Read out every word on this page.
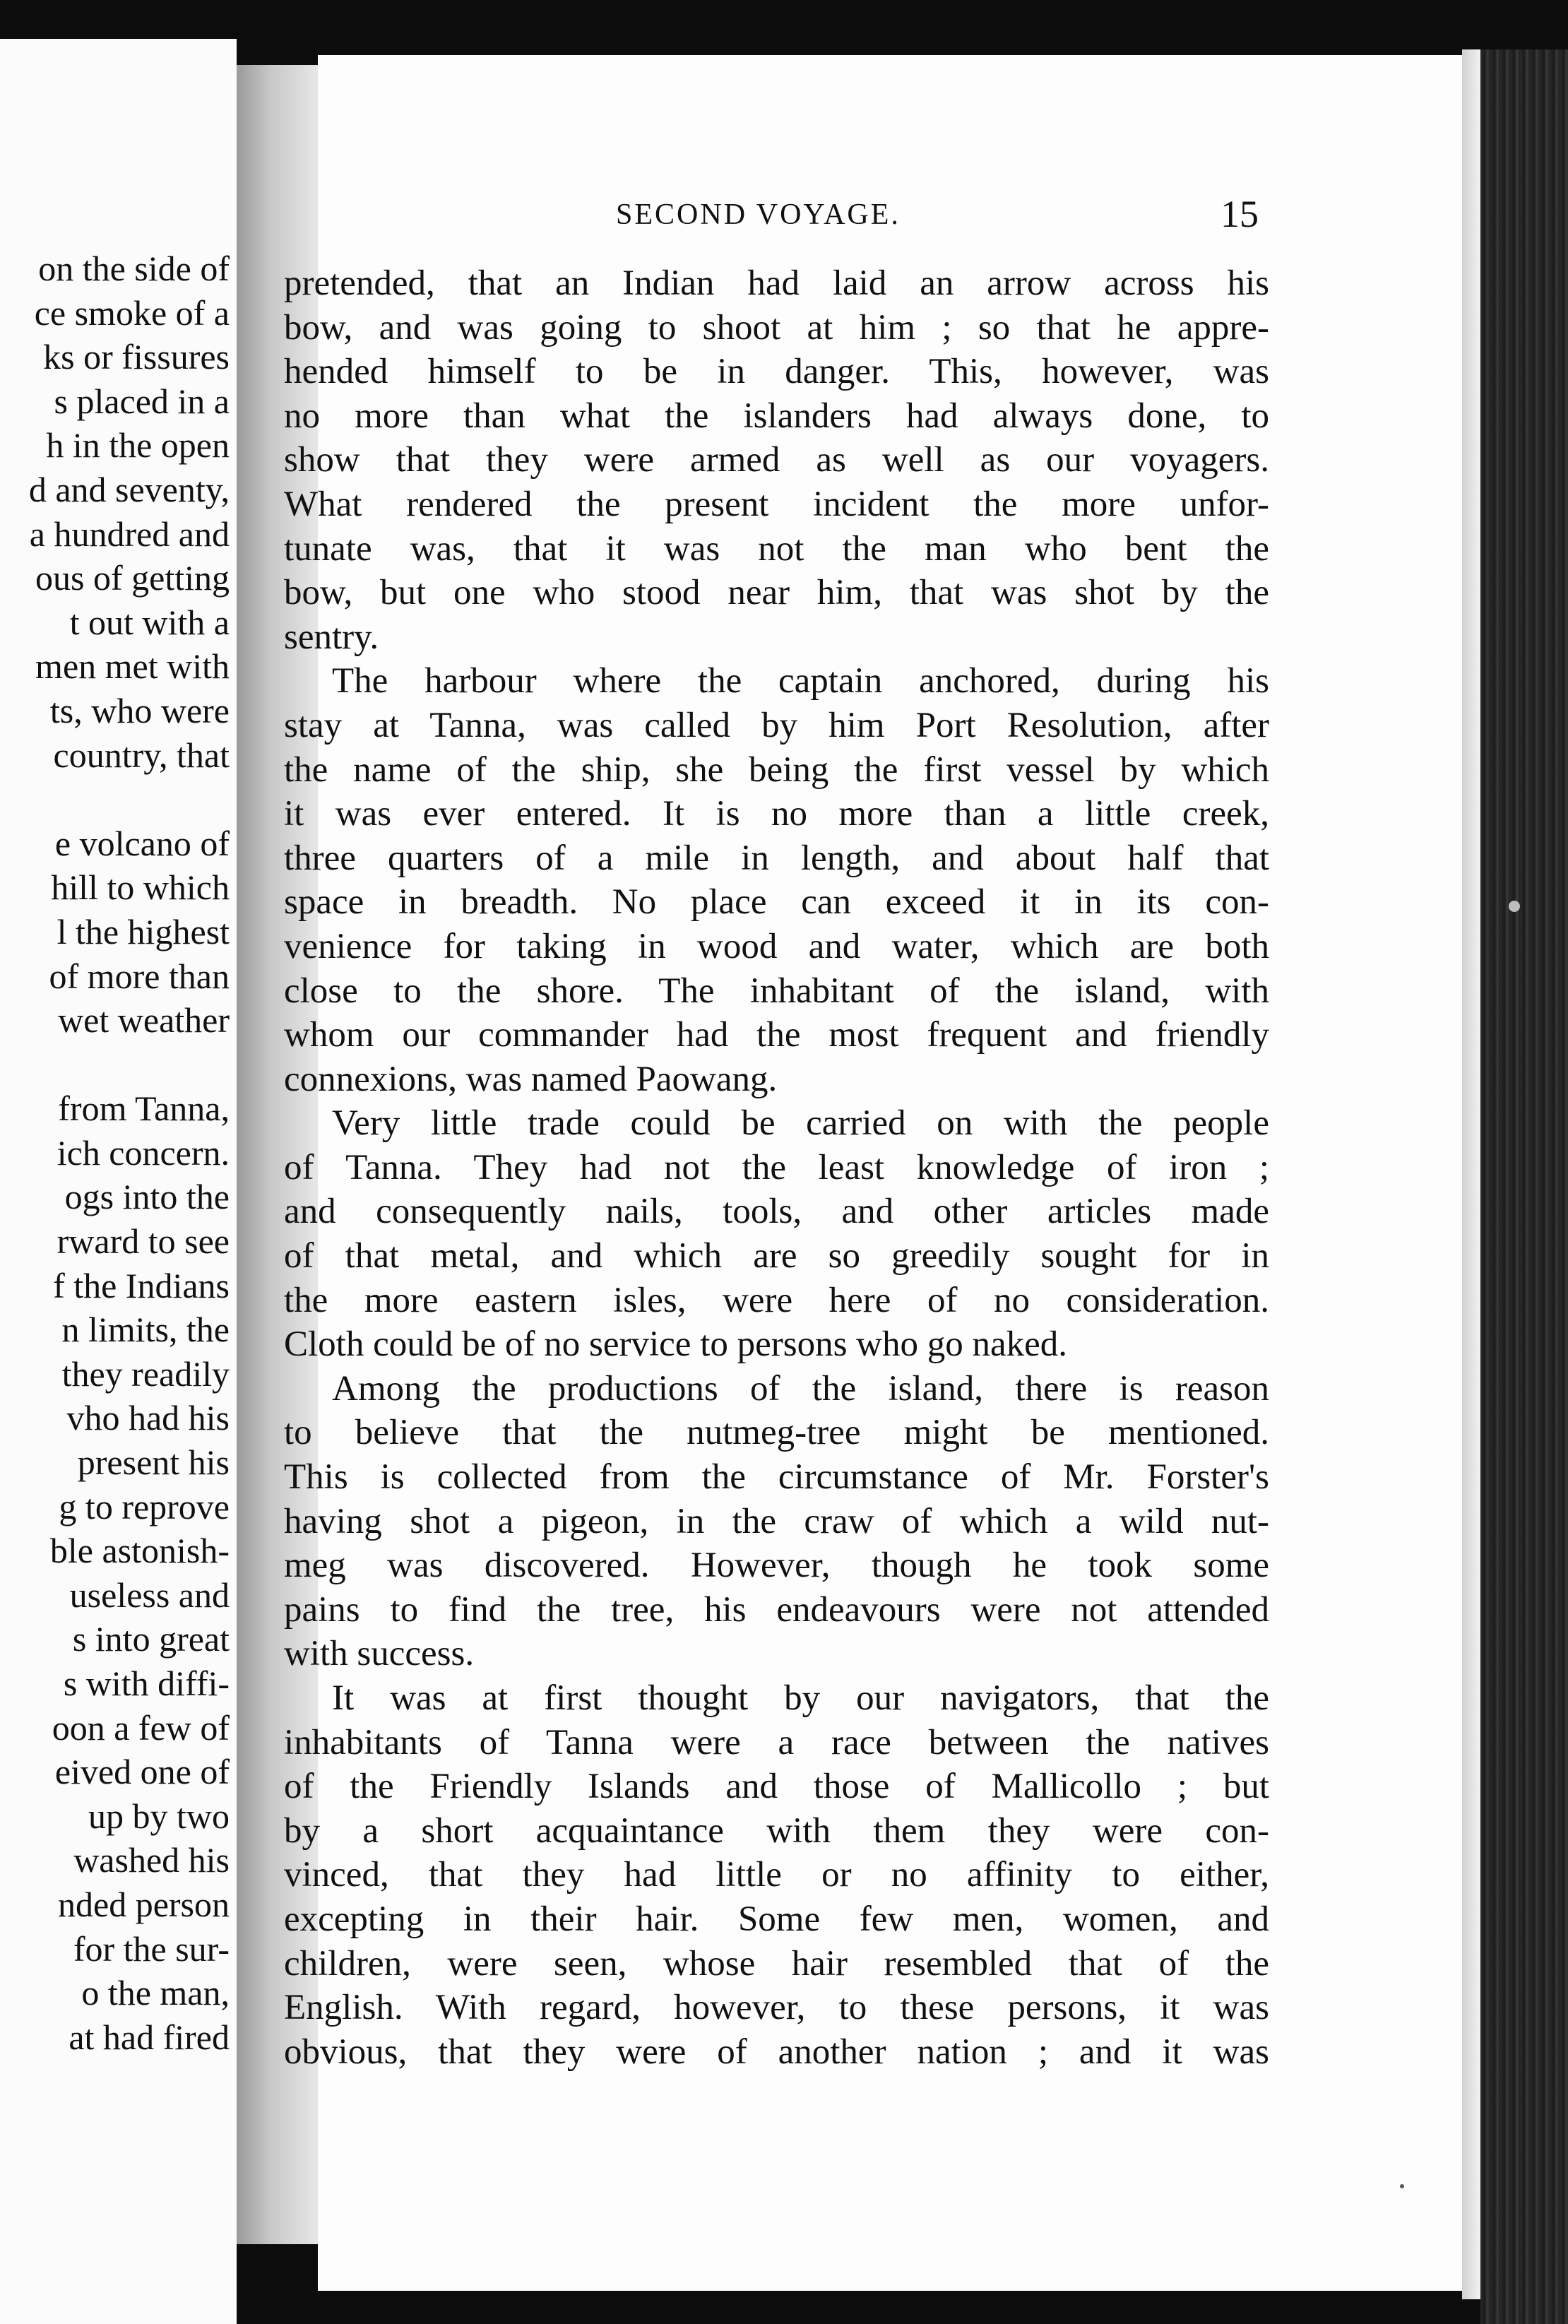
on the side of
ce smoke of a
ks or fissures
s placed in a
h in the open
d and seventy,
a hundred and
ous of getting
t out with a
men met with
ts, who were
country, that
e volcano of
hill to which
l the highest
of more than
wet weather
from Tanna,
ich concern.
ogs into the
rward to see
f the Indians
n limits, the
they readily
vho had his
present his
g to reprove
ble astonish-
useless and
s into great
s with diffi-
oon a few of
eived one of
up by two
washed his
nded person
for the sur-
o the man,
at had fired
SECOND VOYAGE.	15
pretended, that an Indian had laid an arrow across his
bow, and was going to shoot at him ; so that he appre-
hended himself to be in danger. This, however, was
no more than what the islanders had always done, to
show that they were armed as well as our voyagers.
What rendered the present incident the more unfor-
tunate was, that it was not the man who bent the
bow, but one who stood near him, that was shot by the
sentry.
The harbour where the captain anchored, during his
stay at Tanna, was called by him Port Resolution, after
the name of the ship, she being the first vessel by which
it was ever entered. It is no more than a little creek,
three quarters of a mile in length, and about half that
space in breadth. No place can exceed it in its con-
venience for taking in wood and water, which are both
close to the shore. The inhabitant of the island, with
whom our commander had the most frequent and friendly
connexions, was named Paowang.
Very little trade could be carried on with the people
of Tanna. They had not the least knowledge of iron ;
and consequently nails, tools, and other articles made
of that metal, and which are so greedily sought for in
the more eastern isles, were here of no consideration.
Cloth could be of no service to persons who go naked.
Among the productions of the island, there is reason
to believe that the nutmeg-tree might be mentioned.
This is collected from the circumstance of Mr. Forster's
having shot a pigeon, in the craw of which a wild nut-
meg was discovered. However, though he took some
pains to find the tree, his endeavours were not attended
with success.
It was at first thought by our navigators, that the
inhabitants of Tanna were a race between the natives
of the Friendly Islands and those of Mallicollo ; but
by a short acquaintance with them they were con-
vinced, that they had little or no affinity to either,
excepting in their hair. Some few men, women, and
children, were seen, whose hair resembled that of the
English. With regard, however, to these persons, it was
obvious, that they were of another nation ; and it was
